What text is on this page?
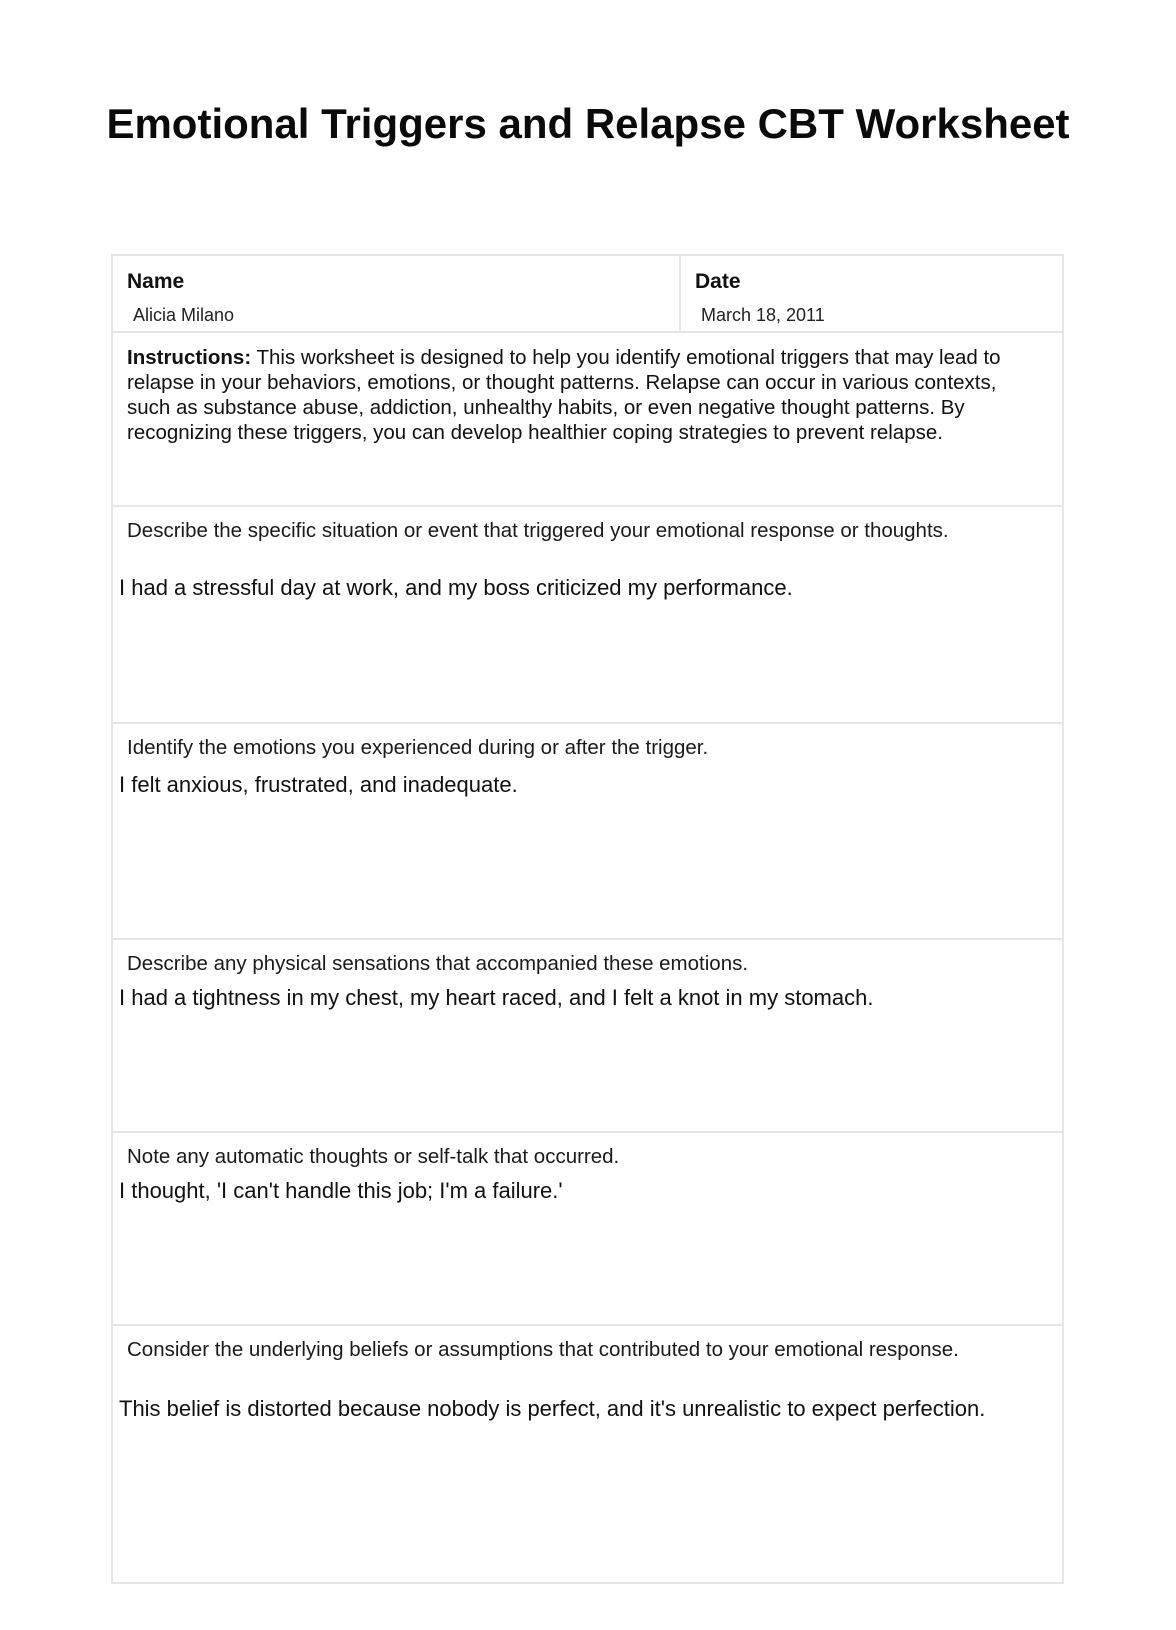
Emotional Triggers and Relapse CBT Worksheet
Name
Alicia Milano
Date
March 18, 2011

Instructions: This worksheet is designed to help you identify emotional triggers that may lead to relapse in your behaviors, emotions, or thought patterns. Relapse can occur in various contexts, such as substance abuse, addiction, unhealthy habits, or even negative thought patterns. By recognizing these triggers, you can develop healthier coping strategies to prevent relapse.

Describe the specific situation or event that triggered your emotional response or thoughts.

I had a stressful day at work, and my boss criticized my performance.

Identify the emotions you experienced during or after the trigger.

I felt anxious, frustrated, and inadequate.

Describe any physical sensations that accompanied these emotions.

I had a tightness in my chest, my heart raced, and I felt a knot in my stomach.

Note any automatic thoughts or self-talk that occurred.

I thought, 'I can't handle this job; I'm a failure.'

Consider the underlying beliefs or assumptions that contributed to your emotional response.

This belief is distorted because nobody is perfect, and it's unrealistic to expect perfection.
